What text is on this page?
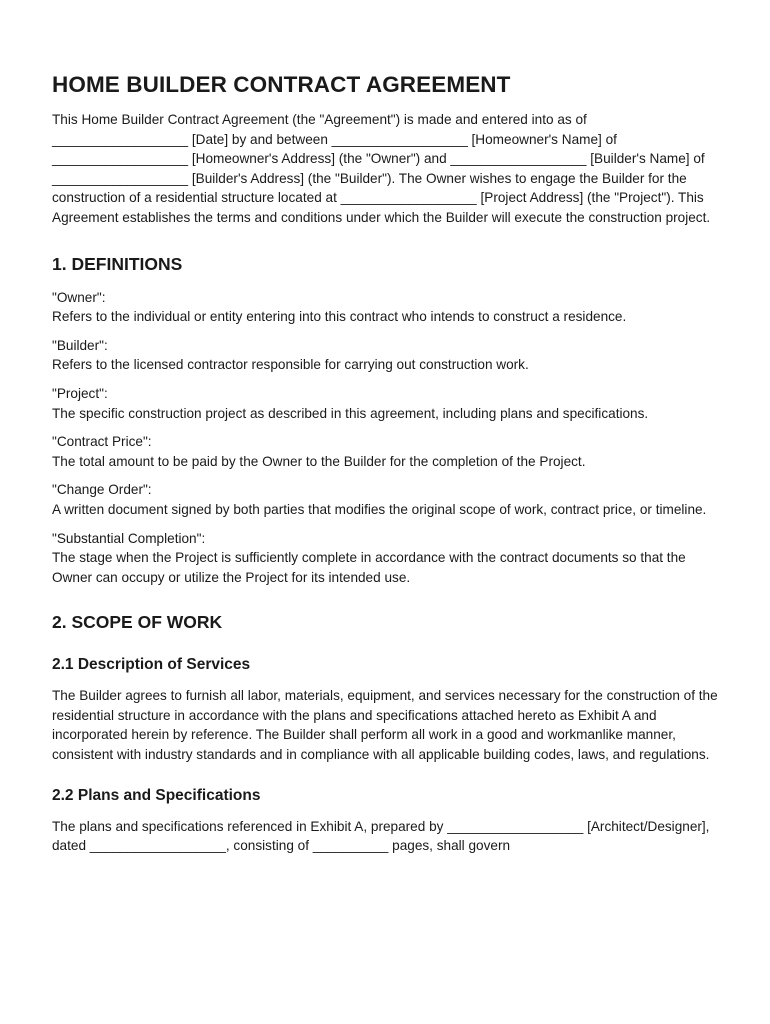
HOME BUILDER CONTRACT AGREEMENT

This Home Builder Contract Agreement (the "Agreement") is made and entered into as of __________________ [Date] by and between __________________ [Homeowner's Name] of __________________ [Homeowner's Address] (the "Owner") and __________________ [Builder's Name] of __________________ [Builder's Address] (the "Builder"). The Owner wishes to engage the Builder for the construction of a residential structure located at __________________ [Project Address] (the "Project"). This Agreement establishes the terms and conditions under which the Builder will execute the construction project.

1. DEFINITIONS
"Owner":
Refers to the individual or entity entering into this contract who intends to construct a residence.
"Builder":
Refers to the licensed contractor responsible for carrying out construction work.
"Project":
The specific construction project as described in this agreement, including plans and specifications.
"Contract Price":
The total amount to be paid by the Owner to the Builder for the completion of the Project.
"Change Order":
A written document signed by both parties that modifies the original scope of work, contract price, or timeline.
"Substantial Completion":
The stage when the Project is sufficiently complete in accordance with the contract documents so that the Owner can occupy or utilize the Project for its intended use.
2. SCOPE OF WORK
2.1 Description of Services

The Builder agrees to furnish all labor, materials, equipment, and services necessary for the construction of the residential structure in accordance with the plans and specifications attached hereto as Exhibit A and incorporated herein by reference. The Builder shall perform all work in a good and workmanlike manner, consistent with industry standards and in compliance with all applicable building codes, laws, and regulations.

2.2 Plans and Specifications

The plans and specifications referenced in Exhibit A, prepared by __________________ [Architect/Designer], dated __________________, consisting of __________ pages, shall govern
